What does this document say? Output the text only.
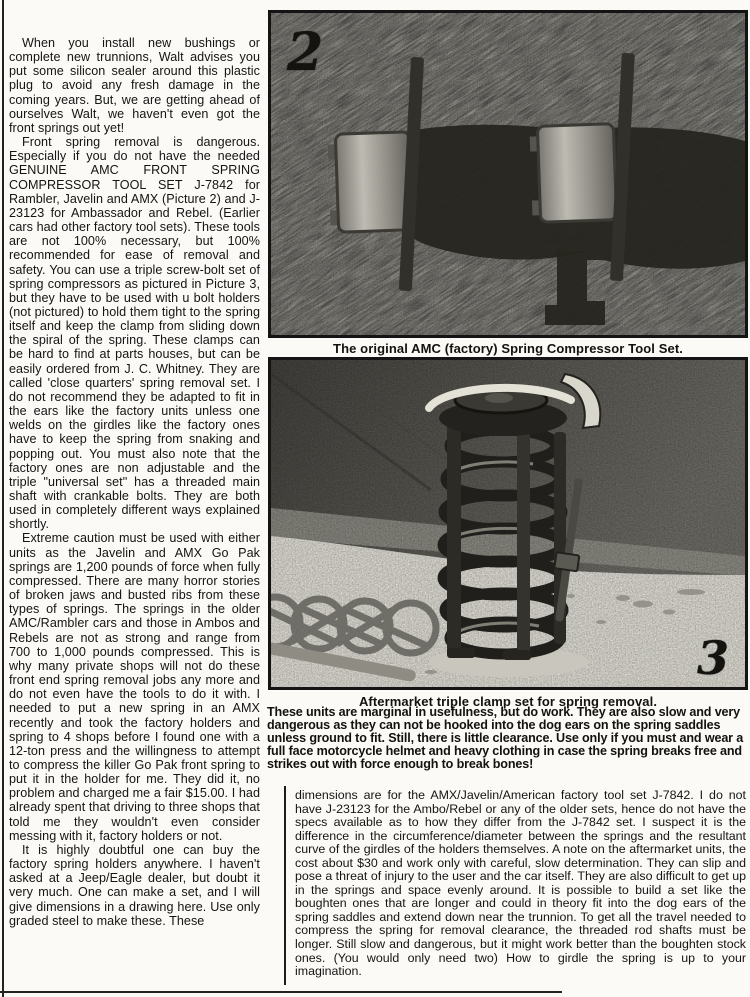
When you install new bushings or complete new trunnions, Walt advises you put some silicon sealer around this plastic plug to avoid any fresh damage in the coming years. But, we are getting ahead of ourselves Walt, we haven't even got the front springs out yet!

Front spring removal is dangerous. Especially if you do not have the needed GENUINE AMC FRONT SPRING COMPRESSOR TOOL SET J-7842 for Rambler, Javelin and AMX (Picture 2) and J-23123 for Ambassador and Rebel. (Earlier cars had other factory tool sets). These tools are not 100% necessary, but 100% recommended for ease of removal and safety. You can use a triple screw-bolt set of spring compressors as pictured in Picture 3, but they have to be used with u bolt holders (not pictured) to hold them tight to the spring itself and keep the clamp from sliding down the spiral of the spring. These clamps can be hard to find at parts houses, but can be easily ordered from J. C. Whitney. They are called 'close quarters' spring removal set. I do not recommend they be adapted to fit in the ears like the factory units unless one welds on the girdles like the factory ones have to keep the spring from snaking and popping out. You must also note that the factory ones are non adjustable and the triple "universal set" has a threaded main shaft with crankable bolts. They are both used in completely different ways explained shortly.

Extreme caution must be used with either units as the Javelin and AMX Go Pak springs are 1,200 pounds of force when fully compressed. There are many horror stories of broken jaws and busted ribs from these types of springs. The springs in the older AMC/Rambler cars and those in Ambos and Rebels are not as strong and range from 700 to 1,000 pounds compressed. This is why many private shops will not do these front end spring removal jobs any more and do not even have the tools to do it with. I needed to put a new spring in an AMX recently and took the factory holders and spring to 4 shops before I found one with a 12-ton press and the willingness to attempt to compress the killer Go Pak front spring to put it in the holder for me. They did it, no problem and charged me a fair $15.00. I had already spent that driving to three shops that told me they wouldn't even consider messing with it, factory holders or not.

It is highly doubtful one can buy the factory spring holders anywhere. I haven't asked at a Jeep/Eagle dealer, but doubt it very much. One can make a set, and I will give dimensions in a drawing here. Use only graded steel to make these. These

2
The original AMC (factory) Spring Compressor Tool Set.
3
Aftermarket triple clamp set for spring removal.
These units are marginal in usefulness, but do work. They are also slow and very dangerous as they can not be hooked into the dog ears on the spring saddles unless ground to fit. Still, there is little clearance. Use only if you must and wear a full face motorcycle helmet and heavy clothing in case the spring breaks free and strikes out with force enough to break bones!

dimensions are for the AMX/Javelin/American factory tool set J-7842. I do not have J-23123 for the Ambo/Rebel or any of the older sets, hence do not have the specs available as to how they differ from the J-7842 set. I suspect it is the difference in the circumference/diameter between the springs and the resultant curve of the girdles of the holders themselves. A note on the aftermarket units, the cost about $30 and work only with careful, slow determination. They can slip and pose a threat of injury to the user and the car itself. They are also difficult to get up in the springs and space evenly around. It is possible to build a set like the boughten ones that are longer and could in theory fit into the dog ears of the spring saddles and extend down near the trunnion. To get all the travel needed to compress the spring for removal clearance, the threaded rod shafts must be longer. Still slow and dangerous, but it might work better than the boughten stock ones. (You would only need two) How to girdle the spring is up to your imagination.
